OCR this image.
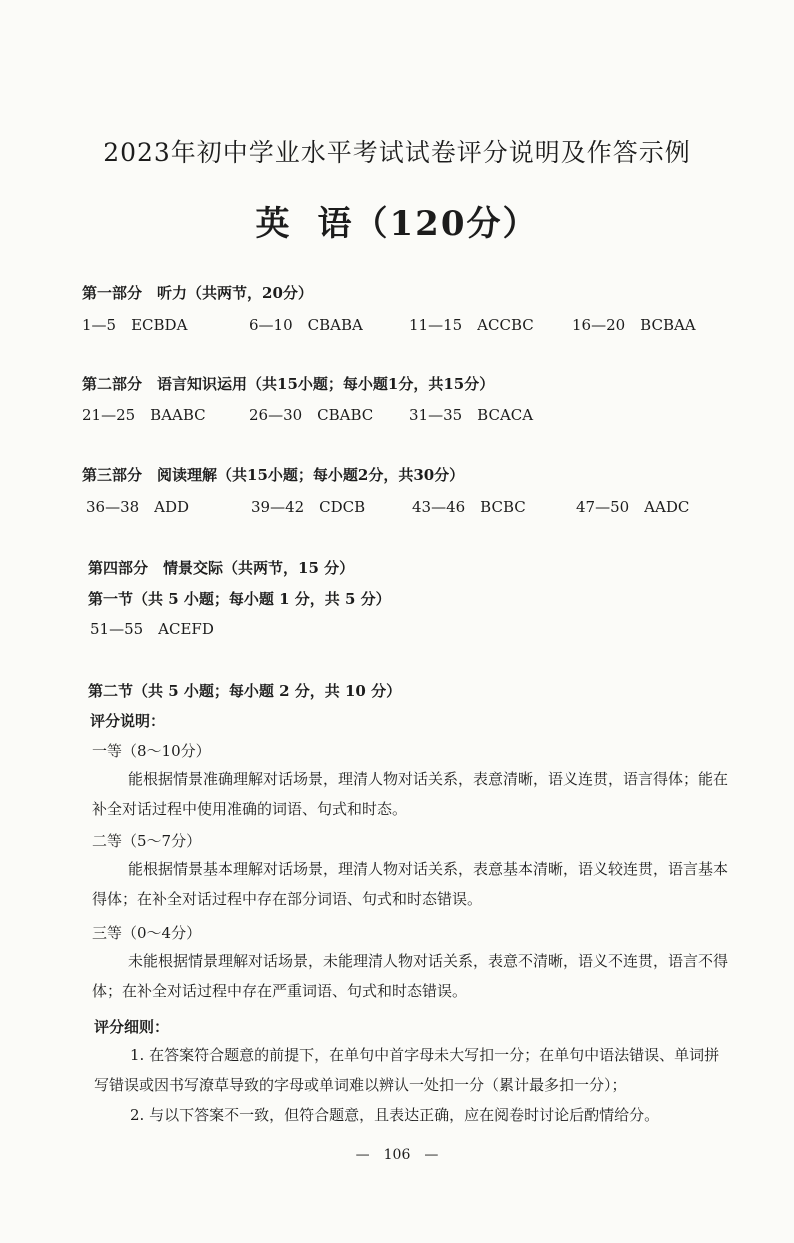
2023年初中学业水平考试试卷评分说明及作答示例
英 语（120分）
第一部分　听力（共两节，20分）
1—5　ECBDA	6—10　CBABA	11—15　ACCBC	16—20　BCBAA
第二部分　语言知识运用（共15小题；每小题1分，共15分）
21—25　BAABC	26—30　CBABC 31—35　BCACA
第三部分　阅读理解（共15小题；每小题2分，共30分）
36—38　ADD	39—42　CDCB	43—46　BCBC	47—50　AADC
第四部分　情景交际（共两节，15 分）
第一节（共 5 小题；每小题 1 分，共 5 分）
51—55　ACEFD
第二节（共 5 小题；每小题 2 分，共 10 分）
评分说明：
一等（8～10分）
能根据情景准确理解对话场景，理清人物对话关系，表意清晰，语义连贯，语言得体；能在补全对话过程中使用准确的词语、句式和时态。
二等（5～7分）
能根据情景基本理解对话场景，理清人物对话关系，表意基本清晰，语义较连贯，语言基本得体；在补全对话过程中存在部分词语、句式和时态错误。
三等（0～4分）
未能根据情景理解对话场景，未能理清人物对话关系，表意不清晰，语义不连贯，语言不得体；在补全对话过程中存在严重词语、句式和时态错误。
评分细则：
1. 在答案符合题意的前提下，在单句中首字母未大写扣一分；在单句中语法错误、单词拼写错误或因书写潦草导致的字母或单词难以辨认一处扣一分（累计最多扣一分）；
2. 与以下答案不一致，但符合题意，且表达正确，应在阅卷时讨论后酌情给分。
—　106　—
